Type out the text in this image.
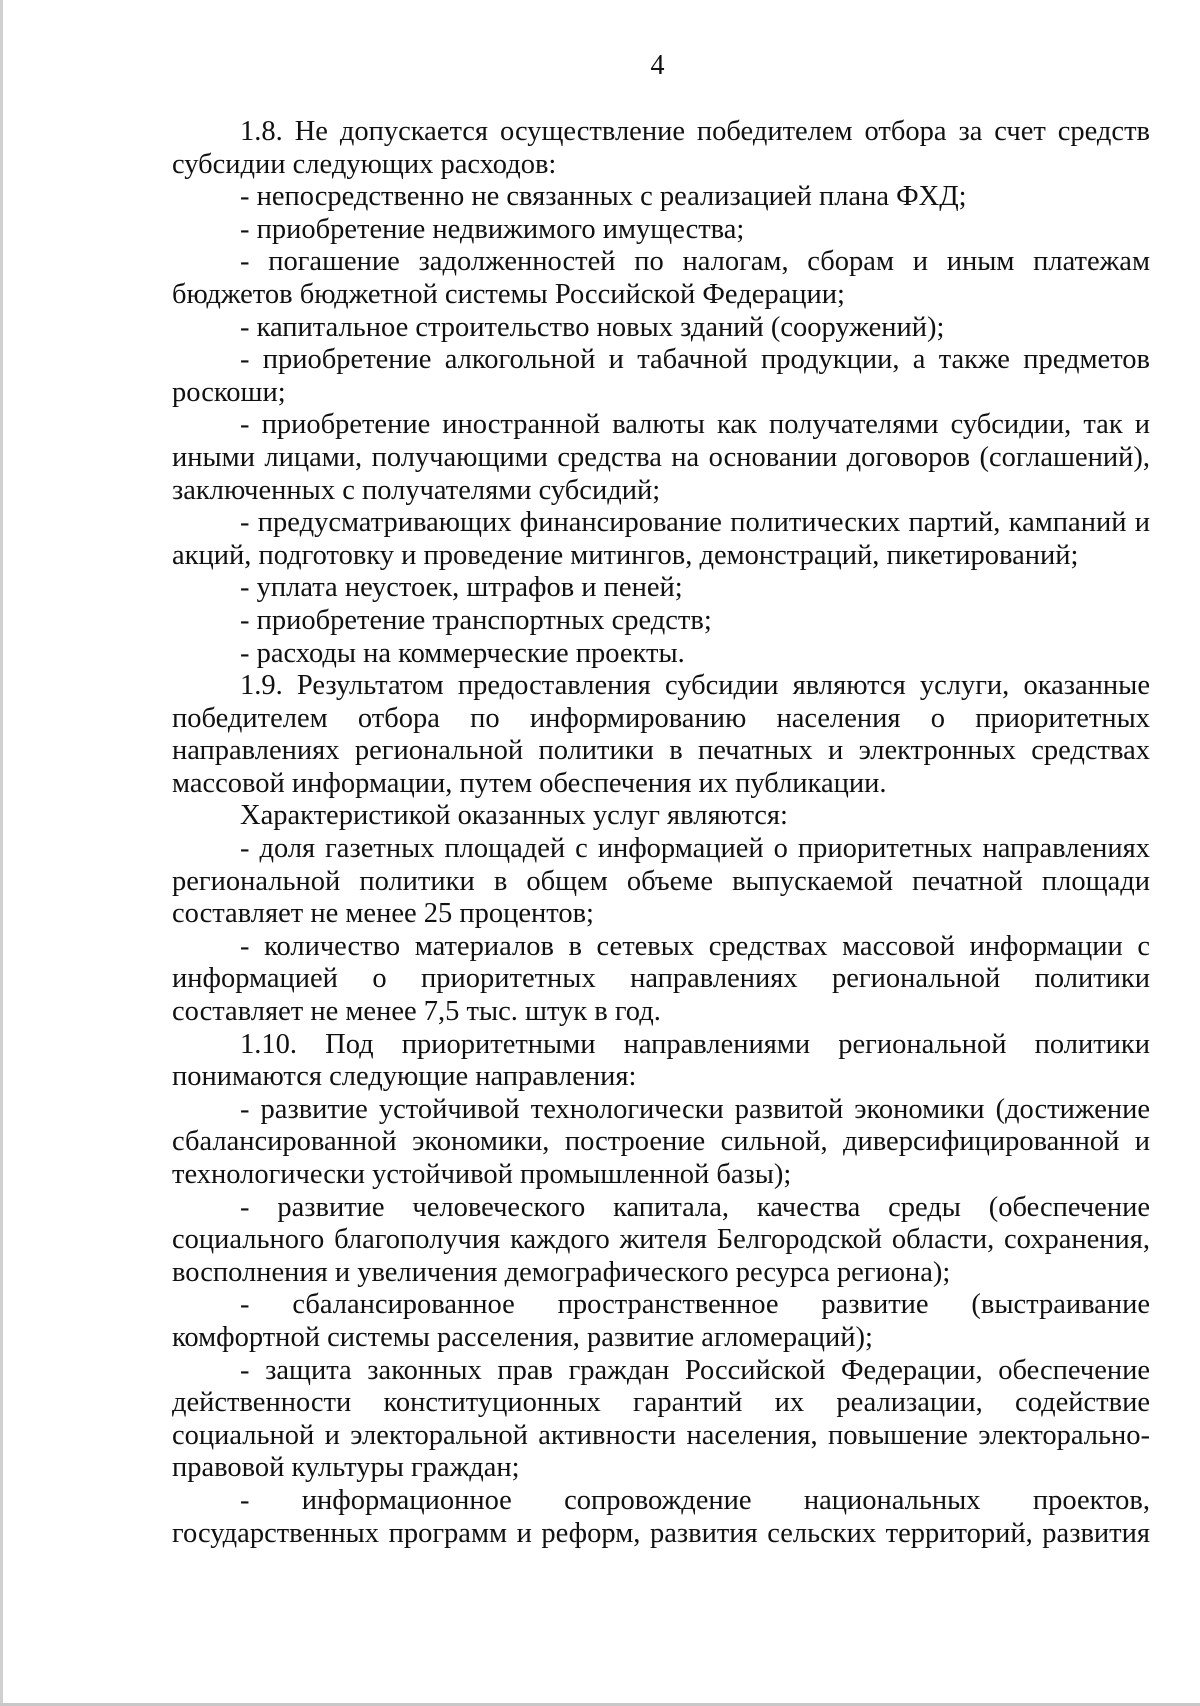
4

1.8. Не допускается осуществление победителем отбора за счет средств субсидии следующих расходов:

- непосредственно не связанных с реализацией плана ФХД;

- приобретение недвижимого имущества;

- погашение задолженностей по налогам, сборам и иным платежам бюджетов бюджетной системы Российской Федерации;

- капитальное строительство новых зданий (сооружений);

- приобретение алкогольной и табачной продукции, а также предметов роскоши;

- приобретение иностранной валюты как получателями субсидии, так и иными лицами, получающими средства на основании договоров (соглашений), заключенных с получателями субсидий;

- предусматривающих финансирование политических партий, кампаний и акций, подготовку и проведение митингов, демонстраций, пикетирований;

- уплата неустоек, штрафов и пеней;

- приобретение транспортных средств;

- расходы на коммерческие проекты.

1.9. Результатом предоставления субсидии являются услуги, оказанные победителем отбора по информированию населения о приоритетных направлениях региональной политики в печатных и электронных средствах массовой информации, путем обеспечения их публикации.

Характеристикой оказанных услуг являются:

- доля газетных площадей с информацией о приоритетных направлениях региональной политики в общем объеме выпускаемой печатной площади составляет не менее 25 процентов;

- количество материалов в сетевых средствах массовой информации с информацией о приоритетных направлениях региональной политики составляет не менее 7,5 тыс. штук в год.

1.10. Под приоритетными направлениями региональной политики понимаются следующие направления:

- развитие устойчивой технологически развитой экономики (достижение сбалансированной экономики, построение сильной, диверсифицированной и технологически устойчивой промышленной базы);

- развитие человеческого капитала, качества среды (обеспечение социального благополучия каждого жителя Белгородской области, сохранения, восполнения и увеличения демографического ресурса региона);

- сбалансированное пространственное развитие (выстраивание комфортной системы расселения, развитие агломераций);

- защита законных прав граждан Российской Федерации, обеспечение действенности конституционных гарантий их реализации, содействие социальной и электоральной активности населения, повышение электорально-правовой культуры граждан;

- информационное сопровождение национальных проектов, государственных программ и реформ, развития сельских территорий, развития
